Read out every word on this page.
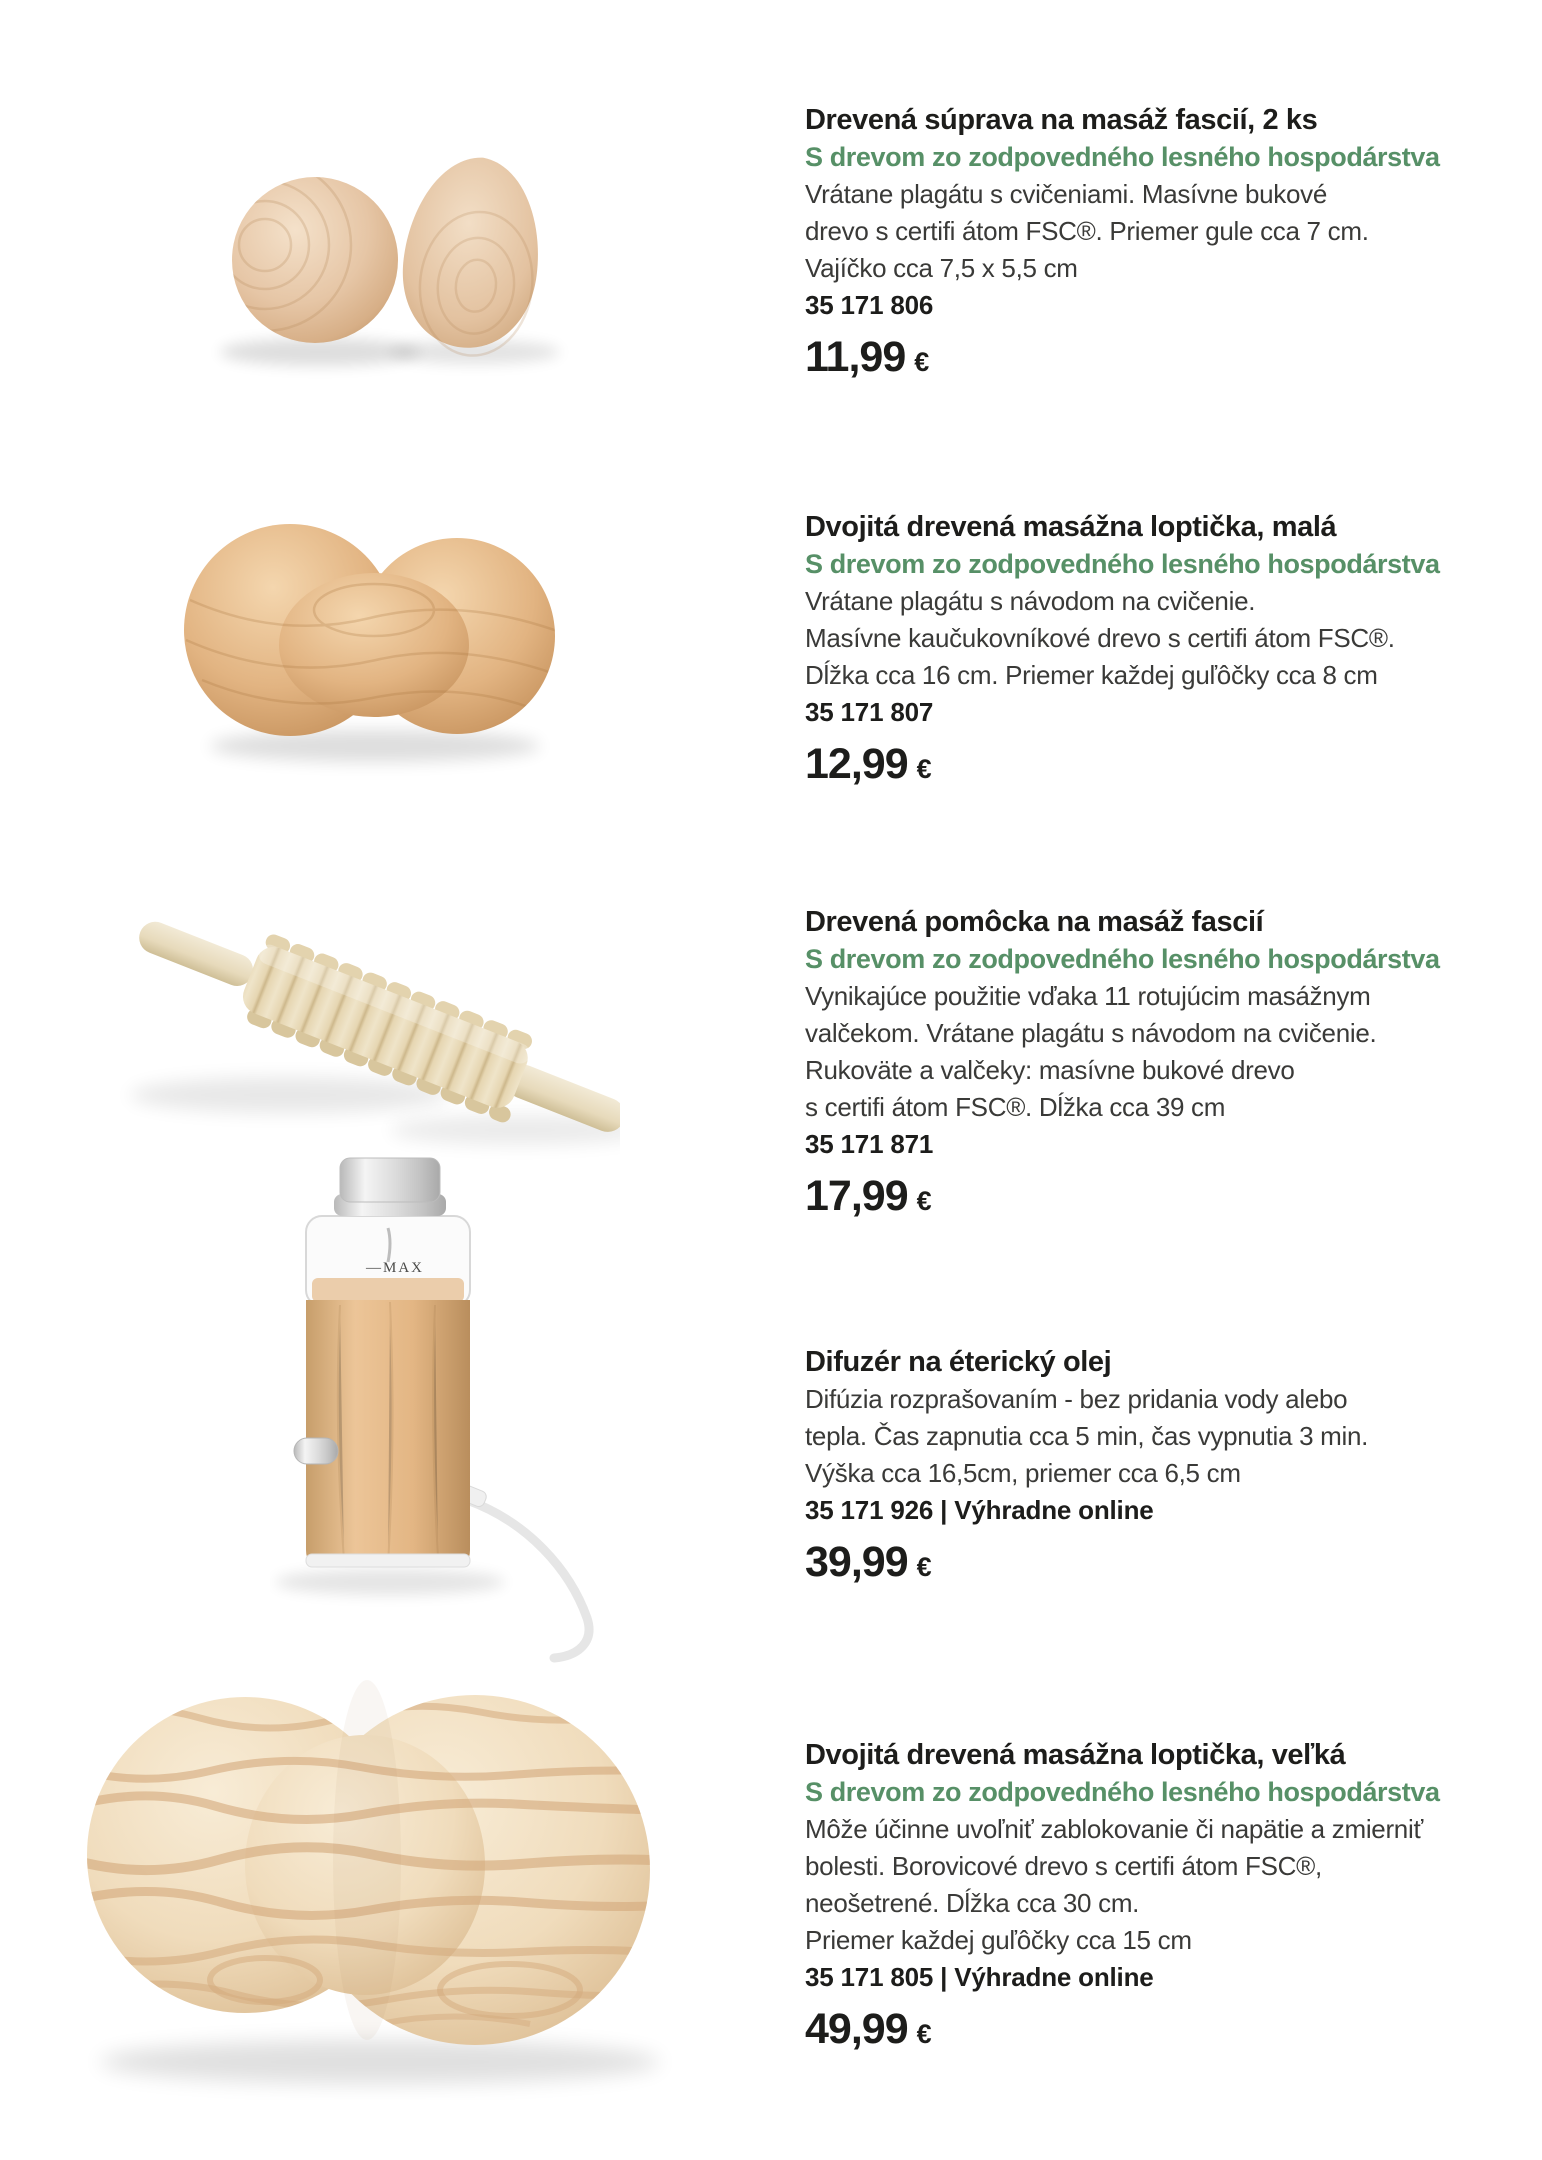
—MAX
Drevená súprava na masáž fascií, 2 ks

S drevom zo zodpovedného lesného hospodárstva

Vrátane plagátu s cvičeniami. Masívne bukové

drevo s certifi átom FSC®. Priemer gule cca 7 cm.

Vajíčko cca 7,5 x 5,5 cm

35 171 806

11,99 €
Dvojitá drevená masážna loptička, malá

S drevom zo zodpovedného lesného hospodárstva

Vrátane plagátu s návodom na cvičenie.

Masívne kaučukovníkové drevo s certifi átom FSC®.

Dĺžka cca 16 cm. Priemer každej guľôčky cca 8 cm

35 171 807

12,99 €
Drevená pomôcka na masáž fascií

S drevom zo zodpovedného lesného hospodárstva

Vynikajúce použitie vďaka 11 rotujúcim masážnym

valčekom. Vrátane plagátu s návodom na cvičenie.

Rukoväte a valčeky: masívne bukové drevo

s certifi átom FSC®. Dĺžka cca 39 cm

35 171 871

17,99 €
Difuzér na éterický olej

Difúzia rozprašovaním - bez pridania vody alebo

tepla. Čas zapnutia cca 5 min, čas vypnutia 3 min.

Výška cca 16,5cm, priemer cca 6,5 cm

35 171 926 | Výhradne online

39,99 €
Dvojitá drevená masážna loptička, veľká

S drevom zo zodpovedného lesného hospodárstva

Môže účinne uvoľniť zablokovanie či napätie a zmierniť

bolesti. Borovicové drevo s certifi átom FSC®,

neošetrené. Dĺžka cca 30 cm.

Priemer každej guľôčky cca 15 cm

35 171 805 | Výhradne online

49,99 €
